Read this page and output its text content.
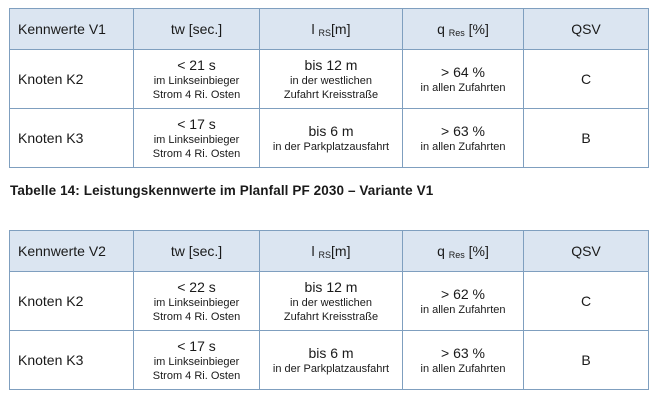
Kennwerte V1	tw [sec.]	l $_{RS}$[m]	q $_{Res}$ [%]	QSV
Knoten K2	< 21 s
im Linkseinbieger
Strom 4 Ri. Osten	bis 12 m
in der westlichen
Zufahrt Kreisstraße	> 64 %
in allen Zufahrten	C
Knoten K3	< 17 s
im Linkseinbieger
Strom 4 Ri. Osten	bis 6 m
in der Parkplatzausfahrt	> 63 %
in allen Zufahrten	B
Tabelle 14: Leistungskennwerte im Planfall PF 2030 – Variante V1
Kennwerte V2	tw [sec.]	l $_{RS}$[m]	q $_{Res}$ [%]	QSV
Knoten K2	< 22 s
im Linkseinbieger
Strom 4 Ri. Osten	bis 12 m
in der westlichen
Zufahrt Kreisstraße	> 62 %
in allen Zufahrten	C
Knoten K3	< 17 s
im Linkseinbieger
Strom 4 Ri. Osten	bis 6 m
in der Parkplatzausfahrt	> 63 %
in allen Zufahrten	B
